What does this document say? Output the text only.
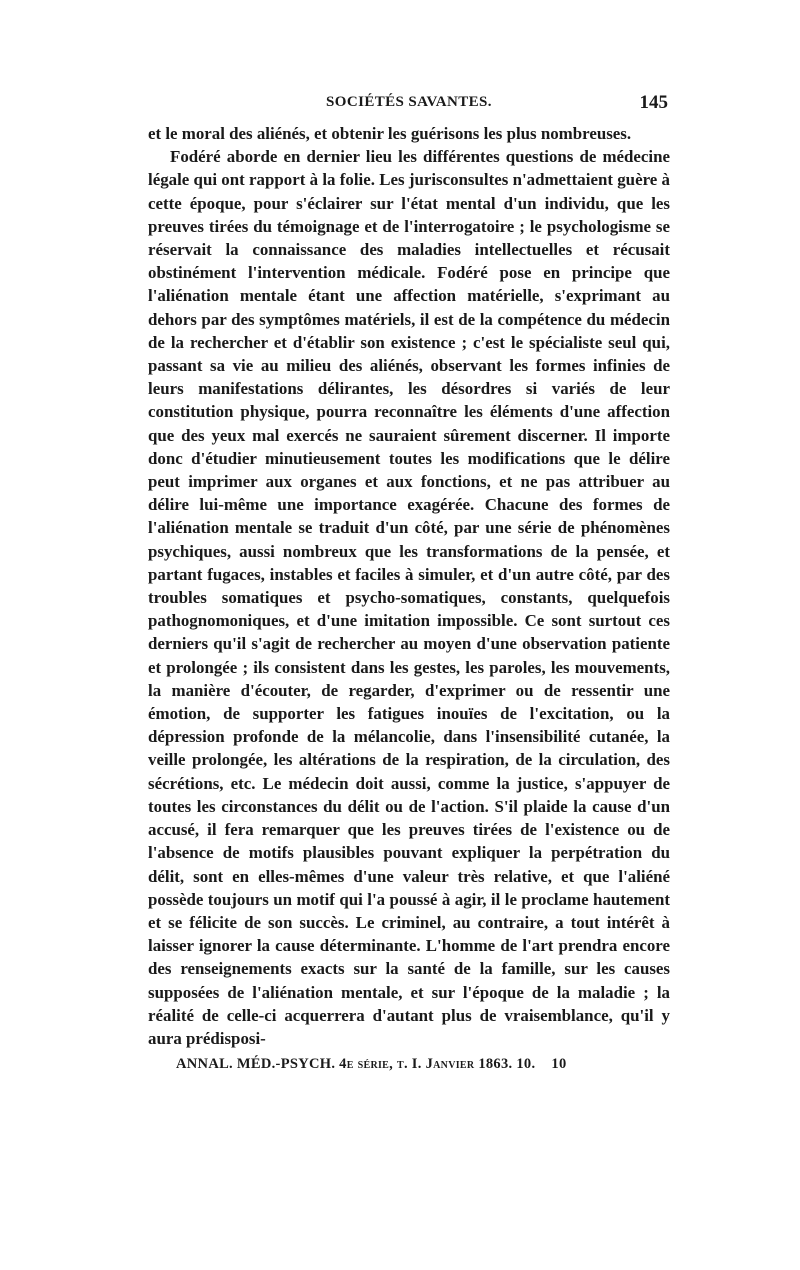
SOCIÉTÉS SAVANTES.	145

et le moral des aliénés, et obtenir les guérisons les plus nombreuses.

Fodéré aborde en dernier lieu les différentes questions de médecine légale qui ont rapport à la folie. Les jurisconsultes n'admettaient guère à cette époque, pour s'éclairer sur l'état mental d'un individu, que les preuves tirées du témoignage et de l'interrogatoire ; le psychologisme se réservait la connaissance des maladies intellectuelles et récusait obstinément l'intervention médicale. Fodéré pose en principe que l'aliénation mentale étant une affection matérielle, s'exprimant au dehors par des symptômes matériels, il est de la compétence du médecin de la rechercher et d'établir son existence ; c'est le spécialiste seul qui, passant sa vie au milieu des aliénés, observant les formes infinies de leurs manifestations délirantes, les désordres si variés de leur constitution physique, pourra reconnaître les éléments d'une affection que des yeux mal exercés ne sauraient sûrement discerner. Il importe donc d'étudier minutieusement toutes les modifications que le délire peut imprimer aux organes et aux fonctions, et ne pas attribuer au délire lui-même une importance exagérée. Chacune des formes de l'aliénation mentale se traduit d'un côté, par une série de phénomènes psychiques, aussi nombreux que les transformations de la pensée, et partant fugaces, instables et faciles à simuler, et d'un autre côté, par des troubles somatiques et psycho-somatiques, constants, quelquefois pathognomoniques, et d'une imitation impossible. Ce sont surtout ces derniers qu'il s'agit de rechercher au moyen d'une observation patiente et prolongée ; ils consistent dans les gestes, les paroles, les mouvements, la manière d'écouter, de regarder, d'exprimer ou de ressentir une émotion, de supporter les fatigues inouïes de l'excitation, ou la dépression profonde de la mélancolie, dans l'insensibilité cutanée, la veille prolongée, les altérations de la respiration, de la circulation, des sécrétions, etc. Le médecin doit aussi, comme la justice, s'appuyer de toutes les circonstances du délit ou de l'action. S'il plaide la cause d'un accusé, il fera remarquer que les preuves tirées de l'existence ou de l'absence de motifs plausibles pouvant expliquer la perpétration du délit, sont en elles-mêmes d'une valeur très relative, et que l'aliéné possède toujours un motif qui l'a poussé à agir, il le proclame hautement et se félicite de son succès. Le criminel, au contraire, a tout intérêt à laisser ignorer la cause déterminante. L'homme de l'art prendra encore des renseignements exacts sur la santé de la famille, sur les causes supposées de l'aliénation mentale, et sur l'époque de la maladie ; la réalité de celle-ci acquerrera d'autant plus de vraisemblance, qu'il y aura prédisposi-

ANNAL. MÉD.-PSYCH. 4e série, t. I. Janvier 1863. 10. 10
